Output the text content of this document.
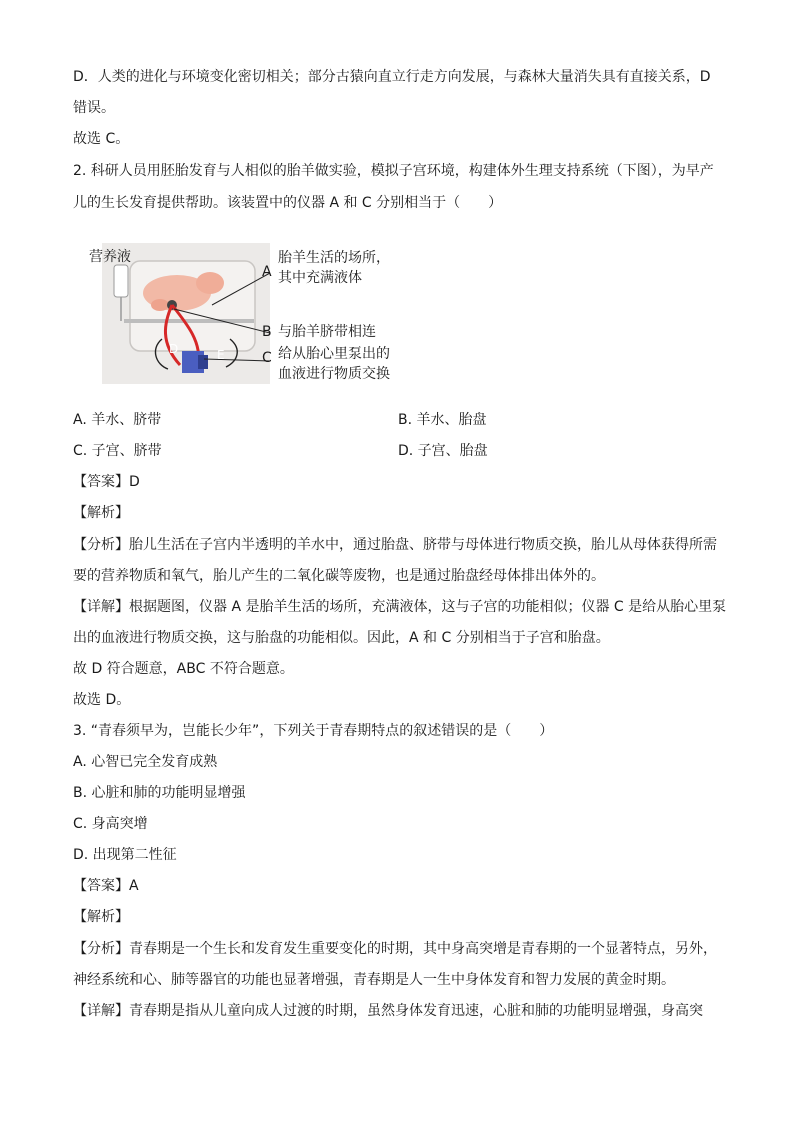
D．人类的进化与环境变化密切相关；部分古猿向直立行走方向发展，与森林大量消失具有直接关系，D
错误。
故选 C。
2. 科研人员用胚胎发育与人相似的胎羊做实验，模拟子宫环境，构建体外生理支持系统（下图），为早产
儿的生长发育提供帮助。该装置中的仪器 A 和 C 分别相当于（　　）
D	E
营养液
A
B
C
胎羊生活的场所，
其中充满液体
与胎羊脐带相连
给从胎心里泵出的
血液进行物质交换
A. 羊水、脐带	B. 羊水、胎盘
C. 子宫、脐带	D. 子宫、胎盘
【答案】D
【解析】
【分析】胎儿生活在子宫内半透明的羊水中，通过胎盘、脐带与母体进行物质交换，胎儿从母体获得所需
要的营养物质和氧气，胎儿产生的二氧化碳等废物，也是通过胎盘经母体排出体外的。
【详解】根据题图，仪器 A 是胎羊生活的场所，充满液体，这与子宫的功能相似；仪器 C 是给从胎心里泵
出的血液进行物质交换，这与胎盘的功能相似。因此，A 和 C 分别相当于子宫和胎盘。
故 D 符合题意，ABC 不符合题意。
故选 D。
3. “青春须早为，岂能长少年”，下列关于青春期特点的叙述错误的是（　　）
A. 心智已完全发育成熟
B. 心脏和肺的功能明显增强
C. 身高突增
D. 出现第二性征
【答案】A
【解析】
【分析】青春期是一个生长和发育发生重要变化的时期，其中身高突增是青春期的一个显著特点，另外，
神经系统和心、肺等器官的功能也显著增强，青春期是人一生中身体发育和智力发展的黄金时期。
【详解】青春期是指从儿童向成人过渡的时期，虽然身体发育迅速，心脏和肺的功能明显增强，身高突
